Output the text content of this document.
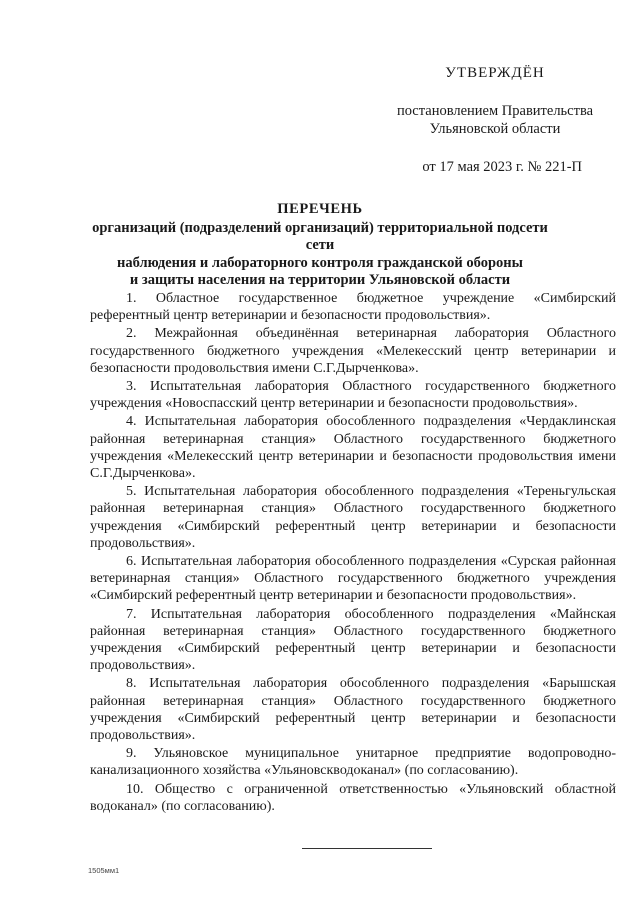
УТВЕРЖДЁН
постановлением Правительства
Ульяновской области
от 17 мая 2023 г. № 221-П
ПЕРЕЧЕНЬ
организаций (подразделений организаций) территориальной подсети сети
наблюдения и лабораторного контроля гражданской обороны
и защиты населения на территории Ульяновской области

1. Областное государственное бюджетное учреждение «Симбирский референтный центр ветеринарии и безопасности продовольствия».

2. Межрайонная объединённая ветеринарная лаборатория Областного государственного бюджетного учреждения «Мелекесский центр ветеринарии и безопасности продовольствия имени С.Г.Дырченкова».

3. Испытательная лаборатория Областного государственного бюджетного учреждения «Новоспасский центр ветеринарии и безопасности продовольствия».

4. Испытательная лаборатория обособленного подразделения «Чердаклинская районная ветеринарная станция» Областного государственного бюджетного учреждения «Мелекесский центр ветеринарии и безопасности продовольствия имени С.Г.Дырченкова».

5. Испытательная лаборатория обособленного подразделения «Тереньгульская районная ветеринарная станция» Областного государственного бюджетного учреждения «Симбирский референтный центр ветеринарии и безопасности продовольствия».

6. Испытательная лаборатория обособленного подразделения «Сурская районная ветеринарная станция» Областного государственного бюджетного учреждения «Симбирский референтный центр ветеринарии и безопасности продовольствия».

7. Испытательная лаборатория обособленного подразделения «Майнская районная ветеринарная станция» Областного государственного бюджетного учреждения «Симбирский референтный центр ветеринарии и безопасности продовольствия».

8. Испытательная лаборатория обособленного подразделения «Барышская районная ветеринарная станция» Областного государственного бюджетного учреждения «Симбирский референтный центр ветеринарии и безопасности продовольствия».

9. Ульяновское муниципальное унитарное предприятие водопроводно-канализационного хозяйства «Ульяновскводоканал» (по согласованию).

10. Общество с ограниченной ответственностью «Ульяновский областной водоканал» (по согласованию).

1505мм1
